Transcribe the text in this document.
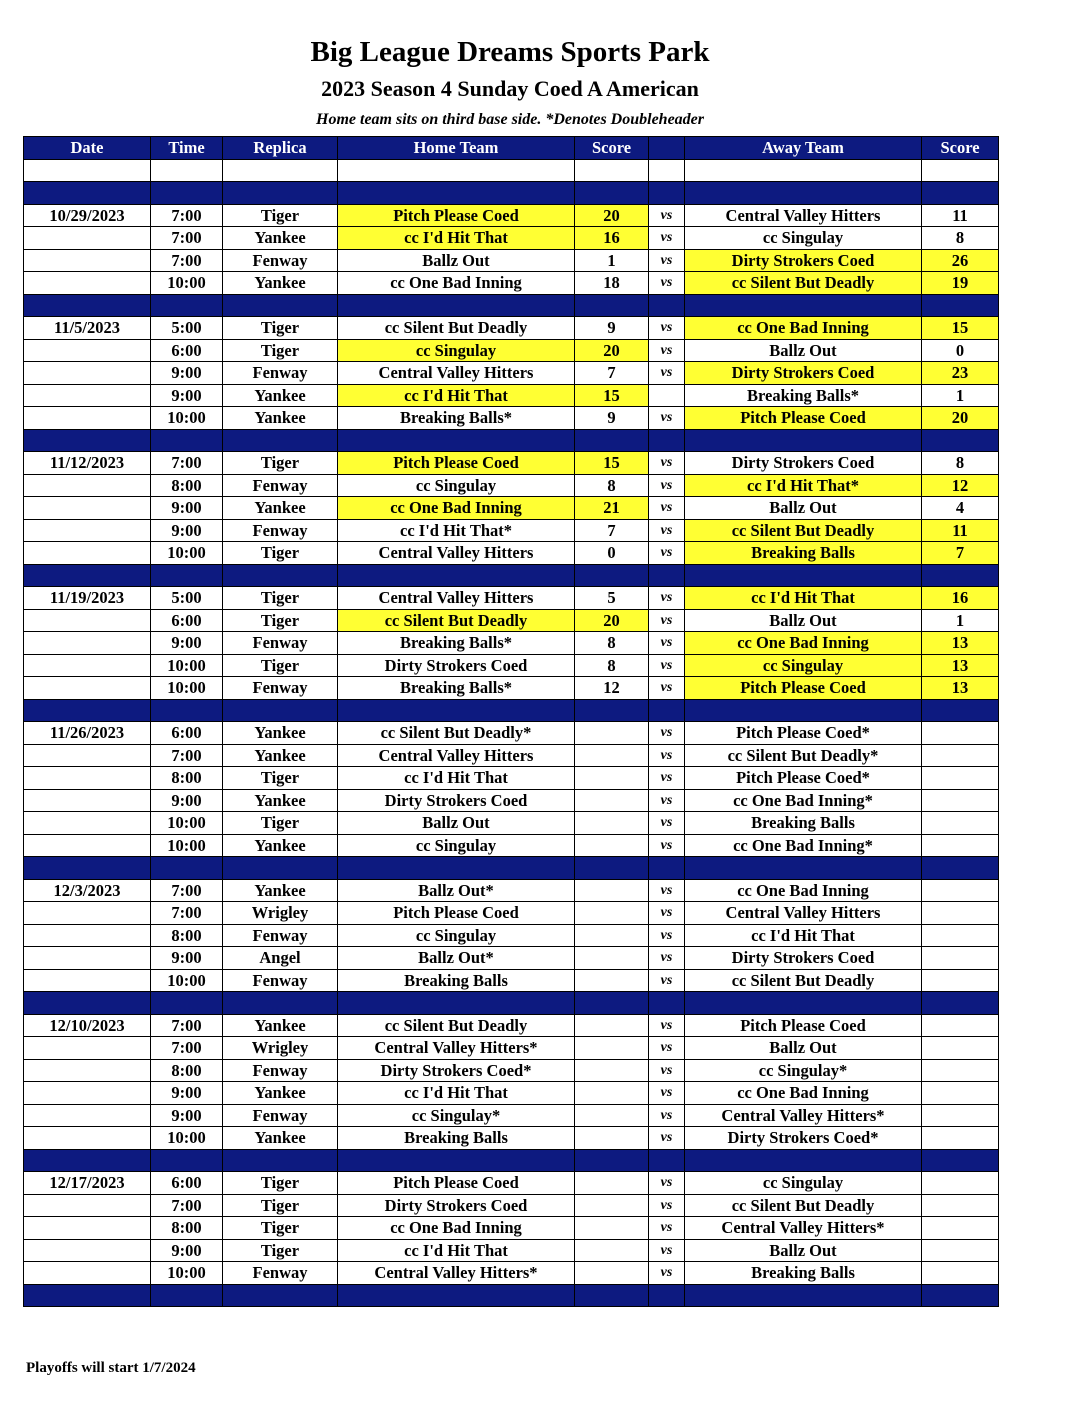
Big League Dreams Sports Park
2023 Season 4 Sunday Coed A American
Home team sits on third base side. *Denotes Doubleheader
Date	Time	Replica	Home Team	Score		Away Team	Score

10/29/2023	7:00	Tiger	Pitch Please Coed	20	vs	Central Valley Hitters	11
	7:00	Yankee	cc I'd Hit That	16	vs	cc Singulay	8
	7:00	Fenway	Ballz Out	1	vs	Dirty Strokers Coed	26
	10:00	Yankee	cc One Bad Inning	18	vs	cc Silent But Deadly	19

11/5/2023	5:00	Tiger	cc Silent But Deadly	9	vs	cc One Bad Inning	15
	6:00	Tiger	cc Singulay	20	vs	Ballz Out	0
	9:00	Fenway	Central Valley Hitters	7	vs	Dirty Strokers Coed	23
	9:00	Yankee	cc I'd Hit That	15		Breaking Balls*	1
	10:00	Yankee	Breaking Balls*	9	vs	Pitch Please Coed	20

11/12/2023	7:00	Tiger	Pitch Please Coed	15	vs	Dirty Strokers Coed	8
	8:00	Fenway	cc Singulay	8	vs	cc I'd Hit That*	12
	9:00	Yankee	cc One Bad Inning	21	vs	Ballz Out	4
	9:00	Fenway	cc I'd Hit That*	7	vs	cc Silent But Deadly	11
	10:00	Tiger	Central Valley Hitters	0	vs	Breaking Balls	7

11/19/2023	5:00	Tiger	Central Valley Hitters	5	vs	cc I'd Hit That	16
	6:00	Tiger	cc Silent But Deadly	20	vs	Ballz Out	1
	9:00	Fenway	Breaking Balls*	8	vs	cc One Bad Inning	13
	10:00	Tiger	Dirty Strokers Coed	8	vs	cc Singulay	13
	10:00	Fenway	Breaking Balls*	12	vs	Pitch Please Coed	13

11/26/2023	6:00	Yankee	cc Silent But Deadly*		vs	Pitch Please Coed*	
	7:00	Yankee	Central Valley Hitters		vs	cc Silent But Deadly*	
	8:00	Tiger	cc I'd Hit That		vs	Pitch Please Coed*	
	9:00	Yankee	Dirty Strokers Coed		vs	cc One Bad Inning*	
	10:00	Tiger	Ballz Out		vs	Breaking Balls	
	10:00	Yankee	cc Singulay		vs	cc One Bad Inning*	

12/3/2023	7:00	Yankee	Ballz Out*		vs	cc One Bad Inning	
	7:00	Wrigley	Pitch Please Coed		vs	Central Valley Hitters	
	8:00	Fenway	cc Singulay		vs	cc I'd Hit That	
	9:00	Angel	Ballz Out*		vs	Dirty Strokers Coed	
	10:00	Fenway	Breaking Balls		vs	cc Silent But Deadly	

12/10/2023	7:00	Yankee	cc Silent But Deadly		vs	Pitch Please Coed	
	7:00	Wrigley	Central Valley Hitters*		vs	Ballz Out	
	8:00	Fenway	Dirty Strokers Coed*		vs	cc Singulay*	
	9:00	Yankee	cc I'd Hit That		vs	cc One Bad Inning	
	9:00	Fenway	cc Singulay*		vs	Central Valley Hitters*	
	10:00	Yankee	Breaking Balls		vs	Dirty Strokers Coed*	

12/17/2023	6:00	Tiger	Pitch Please Coed		vs	cc Singulay	
	7:00	Tiger	Dirty Strokers Coed		vs	cc Silent But Deadly	
	8:00	Tiger	cc One Bad Inning		vs	Central Valley Hitters*	
	9:00	Tiger	cc I'd Hit That		vs	Ballz Out	
	10:00	Fenway	Central Valley Hitters*		vs	Breaking Balls	

Playoffs will start 1/7/2024
